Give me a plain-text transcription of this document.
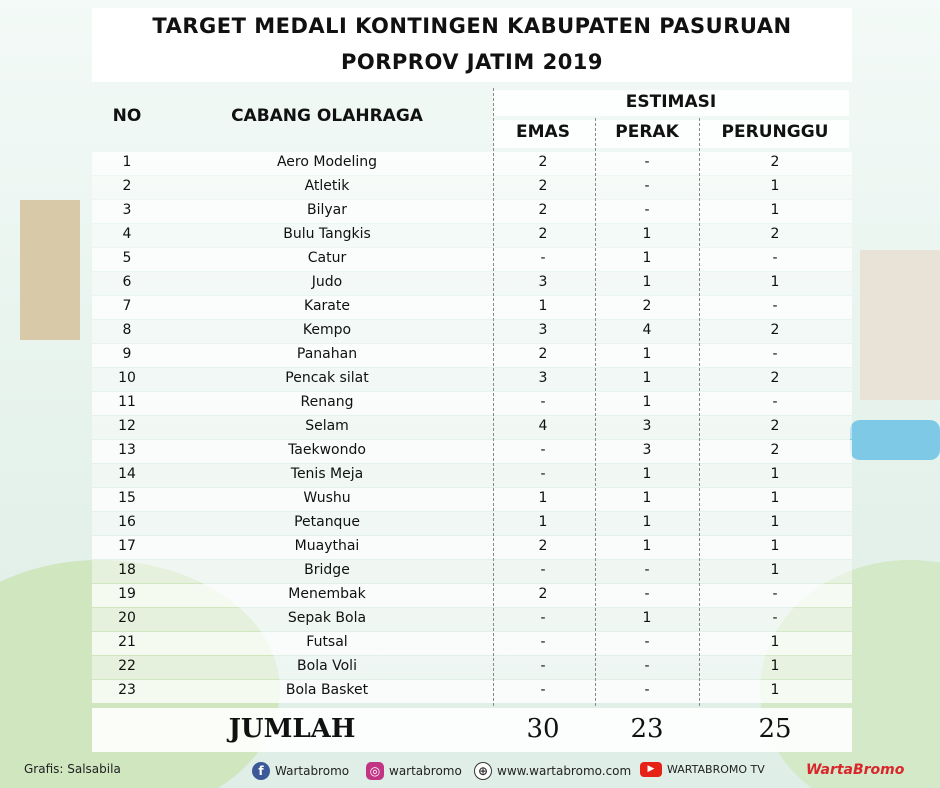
TARGET MEDALI KONTINGEN KABUPATEN PASURUAN
PORPROV JATIM 2019
NO	CABANG OLAHRAGA
ESTIMASI
EMAS	PERAK	PERUNGGU
1	Aero Modeling	2	-	2
2	Atletik	2	-	1
3	Bilyar	2	-	1
4	Bulu Tangkis	2	1	2
5	Catur	-	1	-
6	Judo	3	1	1
7	Karate	1	2	-
8	Kempo	3	4	2
9	Panahan	2	1	-
10	Pencak silat	3	1	2
11	Renang	-	1	-
12	Selam	4	3	2
13	Taekwondo	-	3	2
14	Tenis Meja	-	1	1
15	Wushu	1	1	1
16	Petanque	1	1	1
17	Muaythai	2	1	1
18	Bridge	-	-	1
19	Menembak	2	-	-
20	Sepak Bola	-	1	-
21	Futsal	-	-	1
22	Bola Voli	-	-	1
23	Bola Basket	-	-	1
JUMLAH	30	23	25
Grafis: Salsabila	f Wartabromo	◎ wartabromo	⊕ www.wartabromo.com	▶	WARTABROMO TV	WartaBromo
